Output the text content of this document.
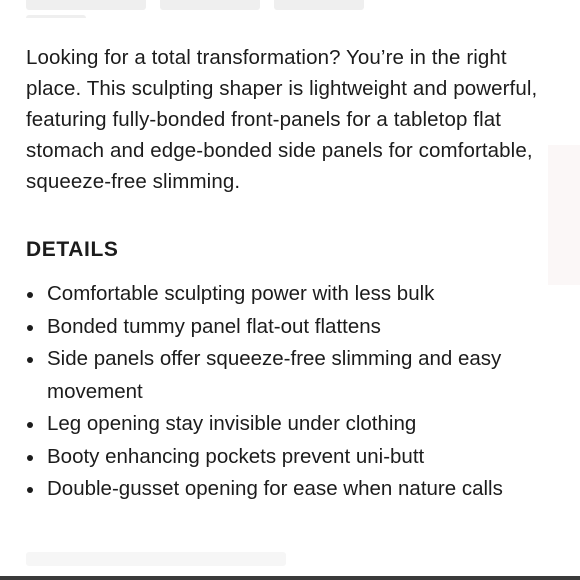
Looking for a total transformation? You’re in the right place. This sculpting shaper is lightweight and powerful, featuring fully-bonded front-panels for a tabletop flat stomach and edge-bonded side panels for comfortable, squeeze-free slimming.

DETAILS
Comfortable sculpting power with less bulk
Bonded tummy panel flat-out flattens
Side panels offer squeeze-free slimming and easy movement
Leg opening stay invisible under clothing
Booty enhancing pockets prevent uni-butt
Double-gusset opening for ease when nature calls
